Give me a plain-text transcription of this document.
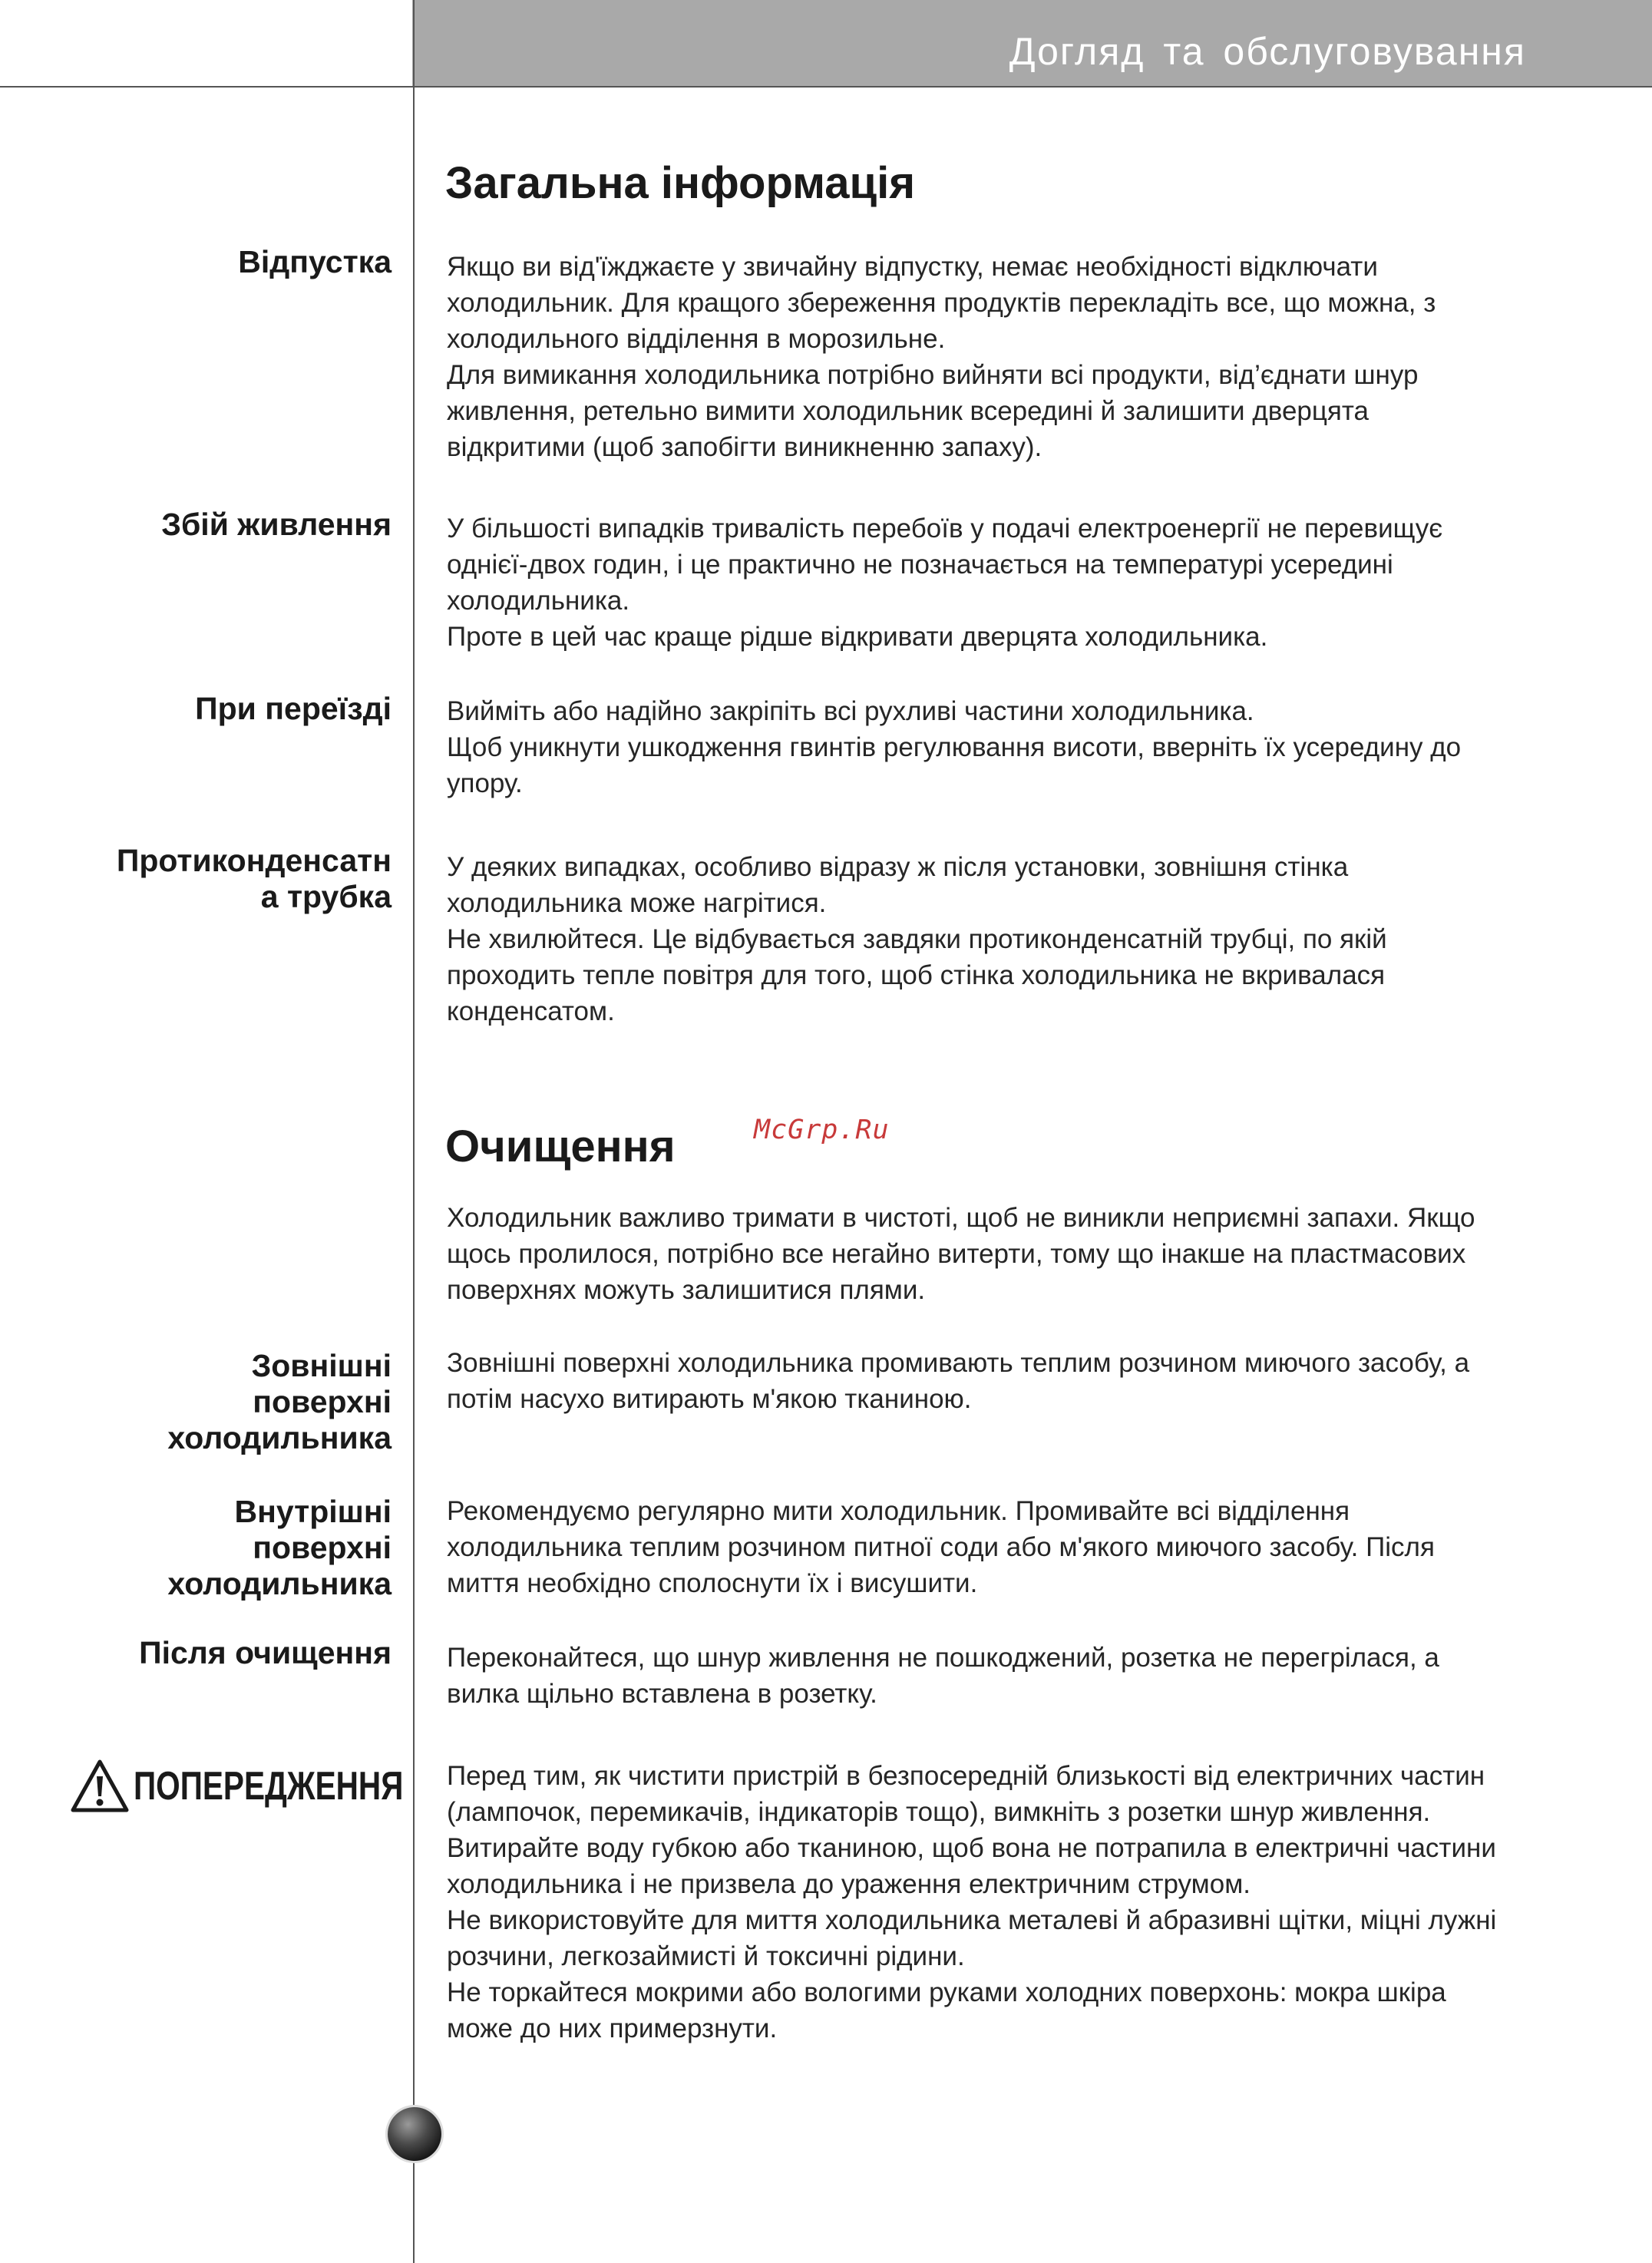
Догляд та обслуговування
Загальна інформація
Відпустка Якщо ви від'їжджаєте у звичайну відпустку, немає необхідності відключати холодильник. Для кращого збереження продуктів перекладіть все, що можна, з холодильного відділення в морозильне.

Для вимикання холодильника потрібно вийняти всі продукти, від’єднати шнур живлення, ретельно вимити холодильник всередині й залишити дверцята відкритими (щоб запобігти виникненню запаху).

Збій живлення У більшості випадків тривалість перебоїв у подачі електроенергії не перевищує однієї-двох годин, і це практично не позначається на температурі усередині холодильника.

Проте в цей час краще рідше відкривати дверцята холодильника.

При переїзді Вийміть або надійно закріпіть всі рухливі частини холодильника.

Щоб уникнути ушкодження гвинтів регулювання висоти, вверніть їх усередину до упору.

Протиконденсатн
а трубка

У деяких випадках, особливо відразу ж після установки, зовнішня стінка холодильника може нагрітися.

Не хвилюйтеся. Це відбувається завдяки протиконденсатній трубці, по якій проходить тепле повітря для того, щоб стінка холодильника не вкривалася конденсатом.

Очищення	McGrp.Ru

Холодильник важливо тримати в чистоті, щоб не виникли неприємні запахи. Якщо щось пролилося, потрібно все негайно витерти, тому що інакше на пластмасових поверхнях можуть залишитися плями.

Зовнішні
поверхні
холодильника

Зовнішні поверхні холодильника промивають теплим розчином миючого засобу, а потім насухо витирають м'якою тканиною.

Внутрішні
поверхні
холодильника

Рекомендуємо регулярно мити холодильник. Промивайте всі відділення холодильника теплим розчином питної соди або м'якого миючого засобу. Після миття необхідно сполоснути їх і висушити.

Після очищення Переконайтеся, що шнур живлення не пошкоджений, розетка не перегрілася, а вилка щільно вставлена в розетку.

ПОПЕРЕДЖЕННЯ Перед тим, як чистити пристрій в безпосередній близькості від електричних частин (лампочок, перемикачів, індикаторів тощо), вимкніть з розетки шнур живлення.

Витирайте воду губкою або тканиною, щоб вона не потрапила в електричні частини холодильника і не призвела до ураження електричним струмом.

Не використовуйте для миття холодильника металеві й абразивні щітки, міцні лужні розчини, легкозаймисті й токсичні рідини.

Не торкайтеся мокрими або вологими руками холодних поверхонь: мокра шкіра може до них примерзнути.
